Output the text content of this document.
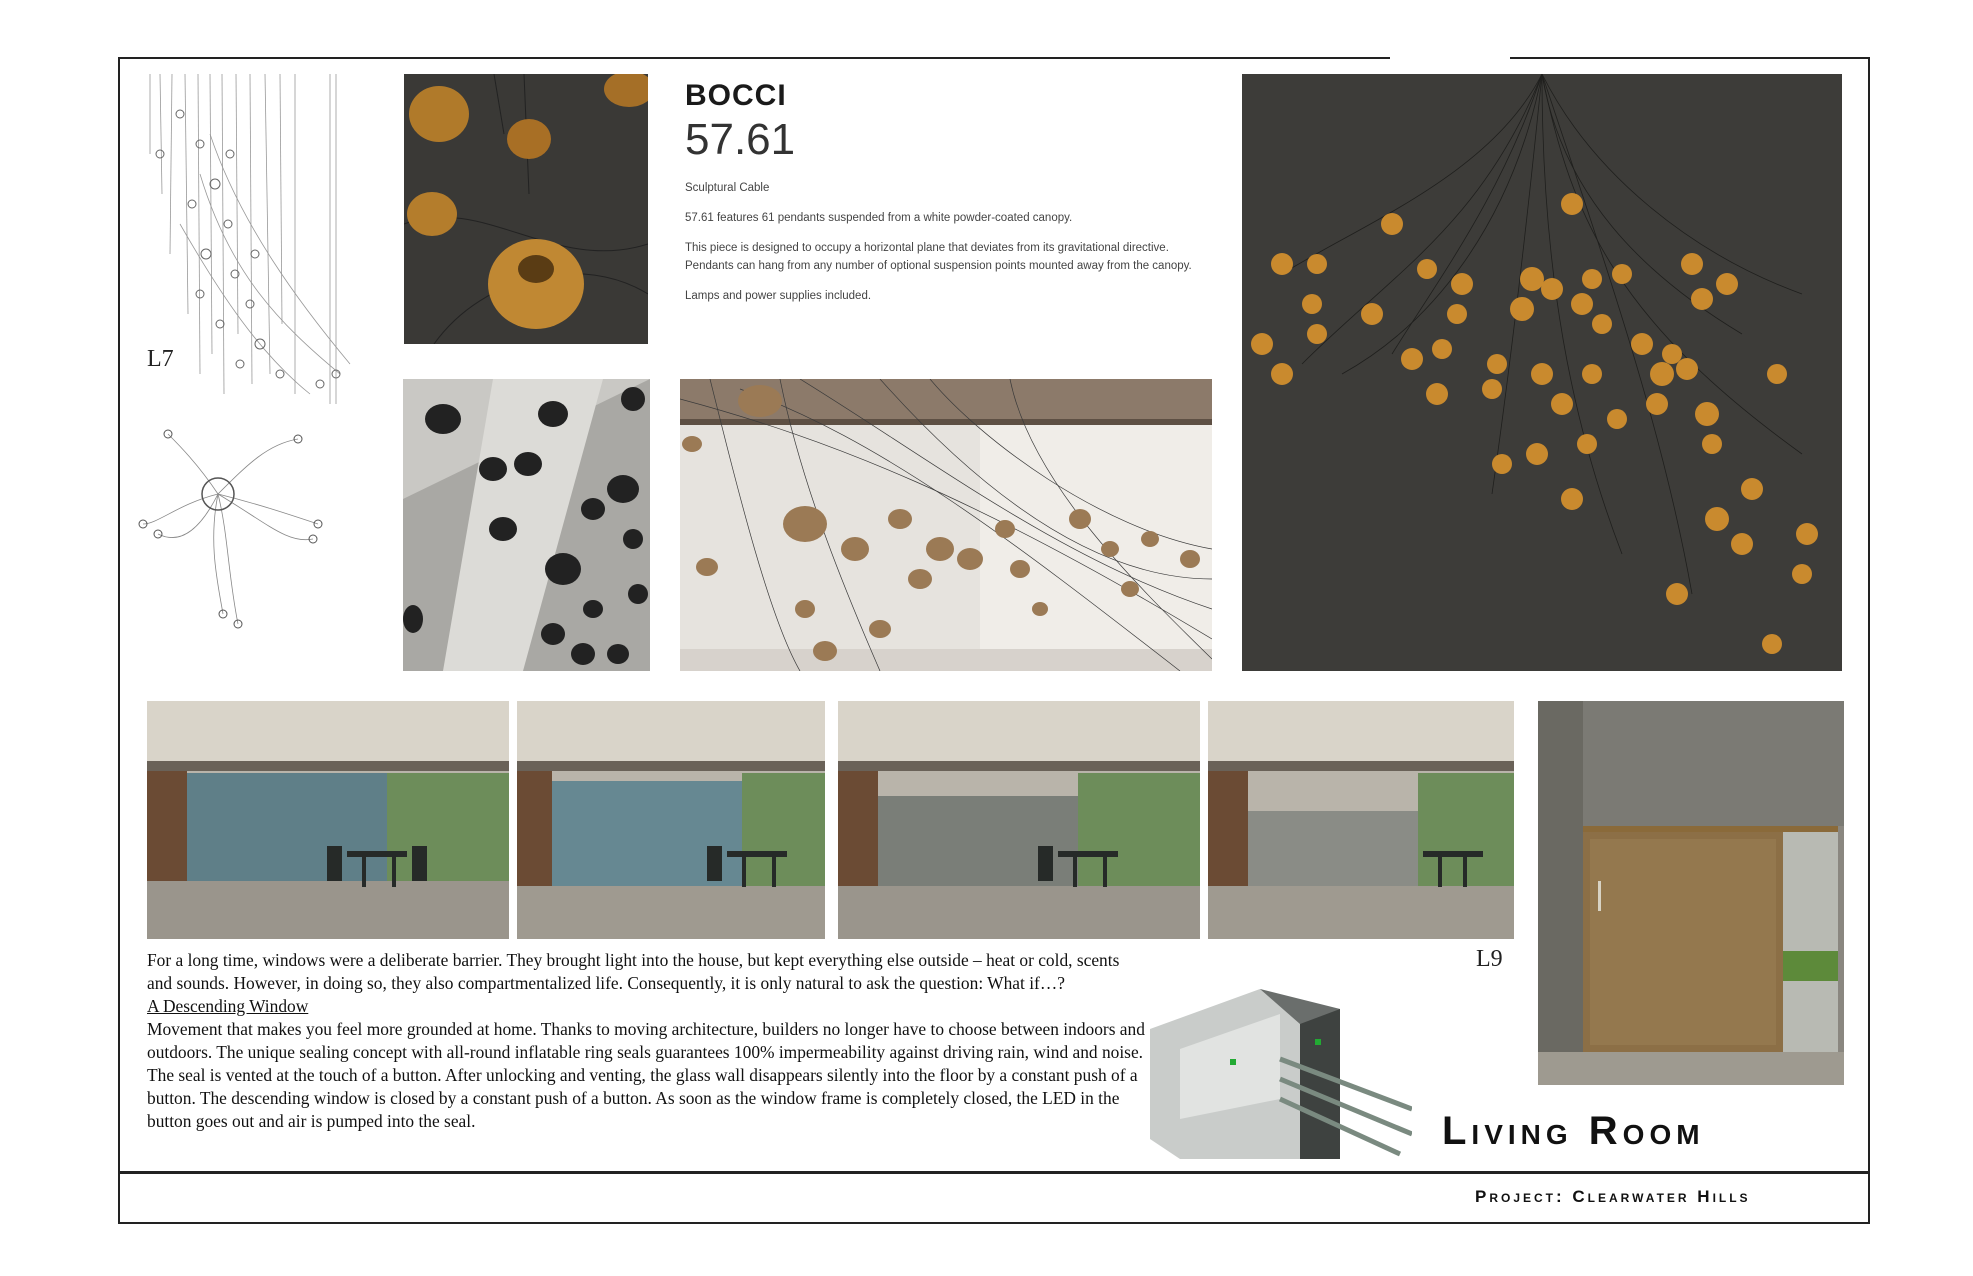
L7
BOCCI
57.61

Sculptural Cable

57.61 features 61 pendants suspended from a white powder-coated canopy.

This piece is designed to occupy a horizontal plane that deviates from its gravitational directive. Pendants can hang from any number of optional suspension points mounted away from the canopy.

Lamps and power supplies included.

L9

For a long time, windows were a deliberate barrier. They brought light into the house, but kept everything else outside – heat or cold, scents and sounds. However, in doing so, they also compartmentalized life. Consequently, it is only natural to ask the question: What if…?

A Descending Window

Movement that makes you feel more grounded at home. Thanks to moving architecture, builders no longer have to choose between indoors and outdoors. The unique sealing concept with all-round inflatable ring seals guarantees 100% impermeability against driving rain, wind and noise. The seal is vented at the touch of a button. After unlocking and venting, the glass wall disappears silently into the floor by a constant push of a button. The descending window is closed by a constant push of a button. As soon as the window frame is completely closed, the LED in the button goes out and air is pumped into the seal.	Living Room
Project: Clearwater Hills
